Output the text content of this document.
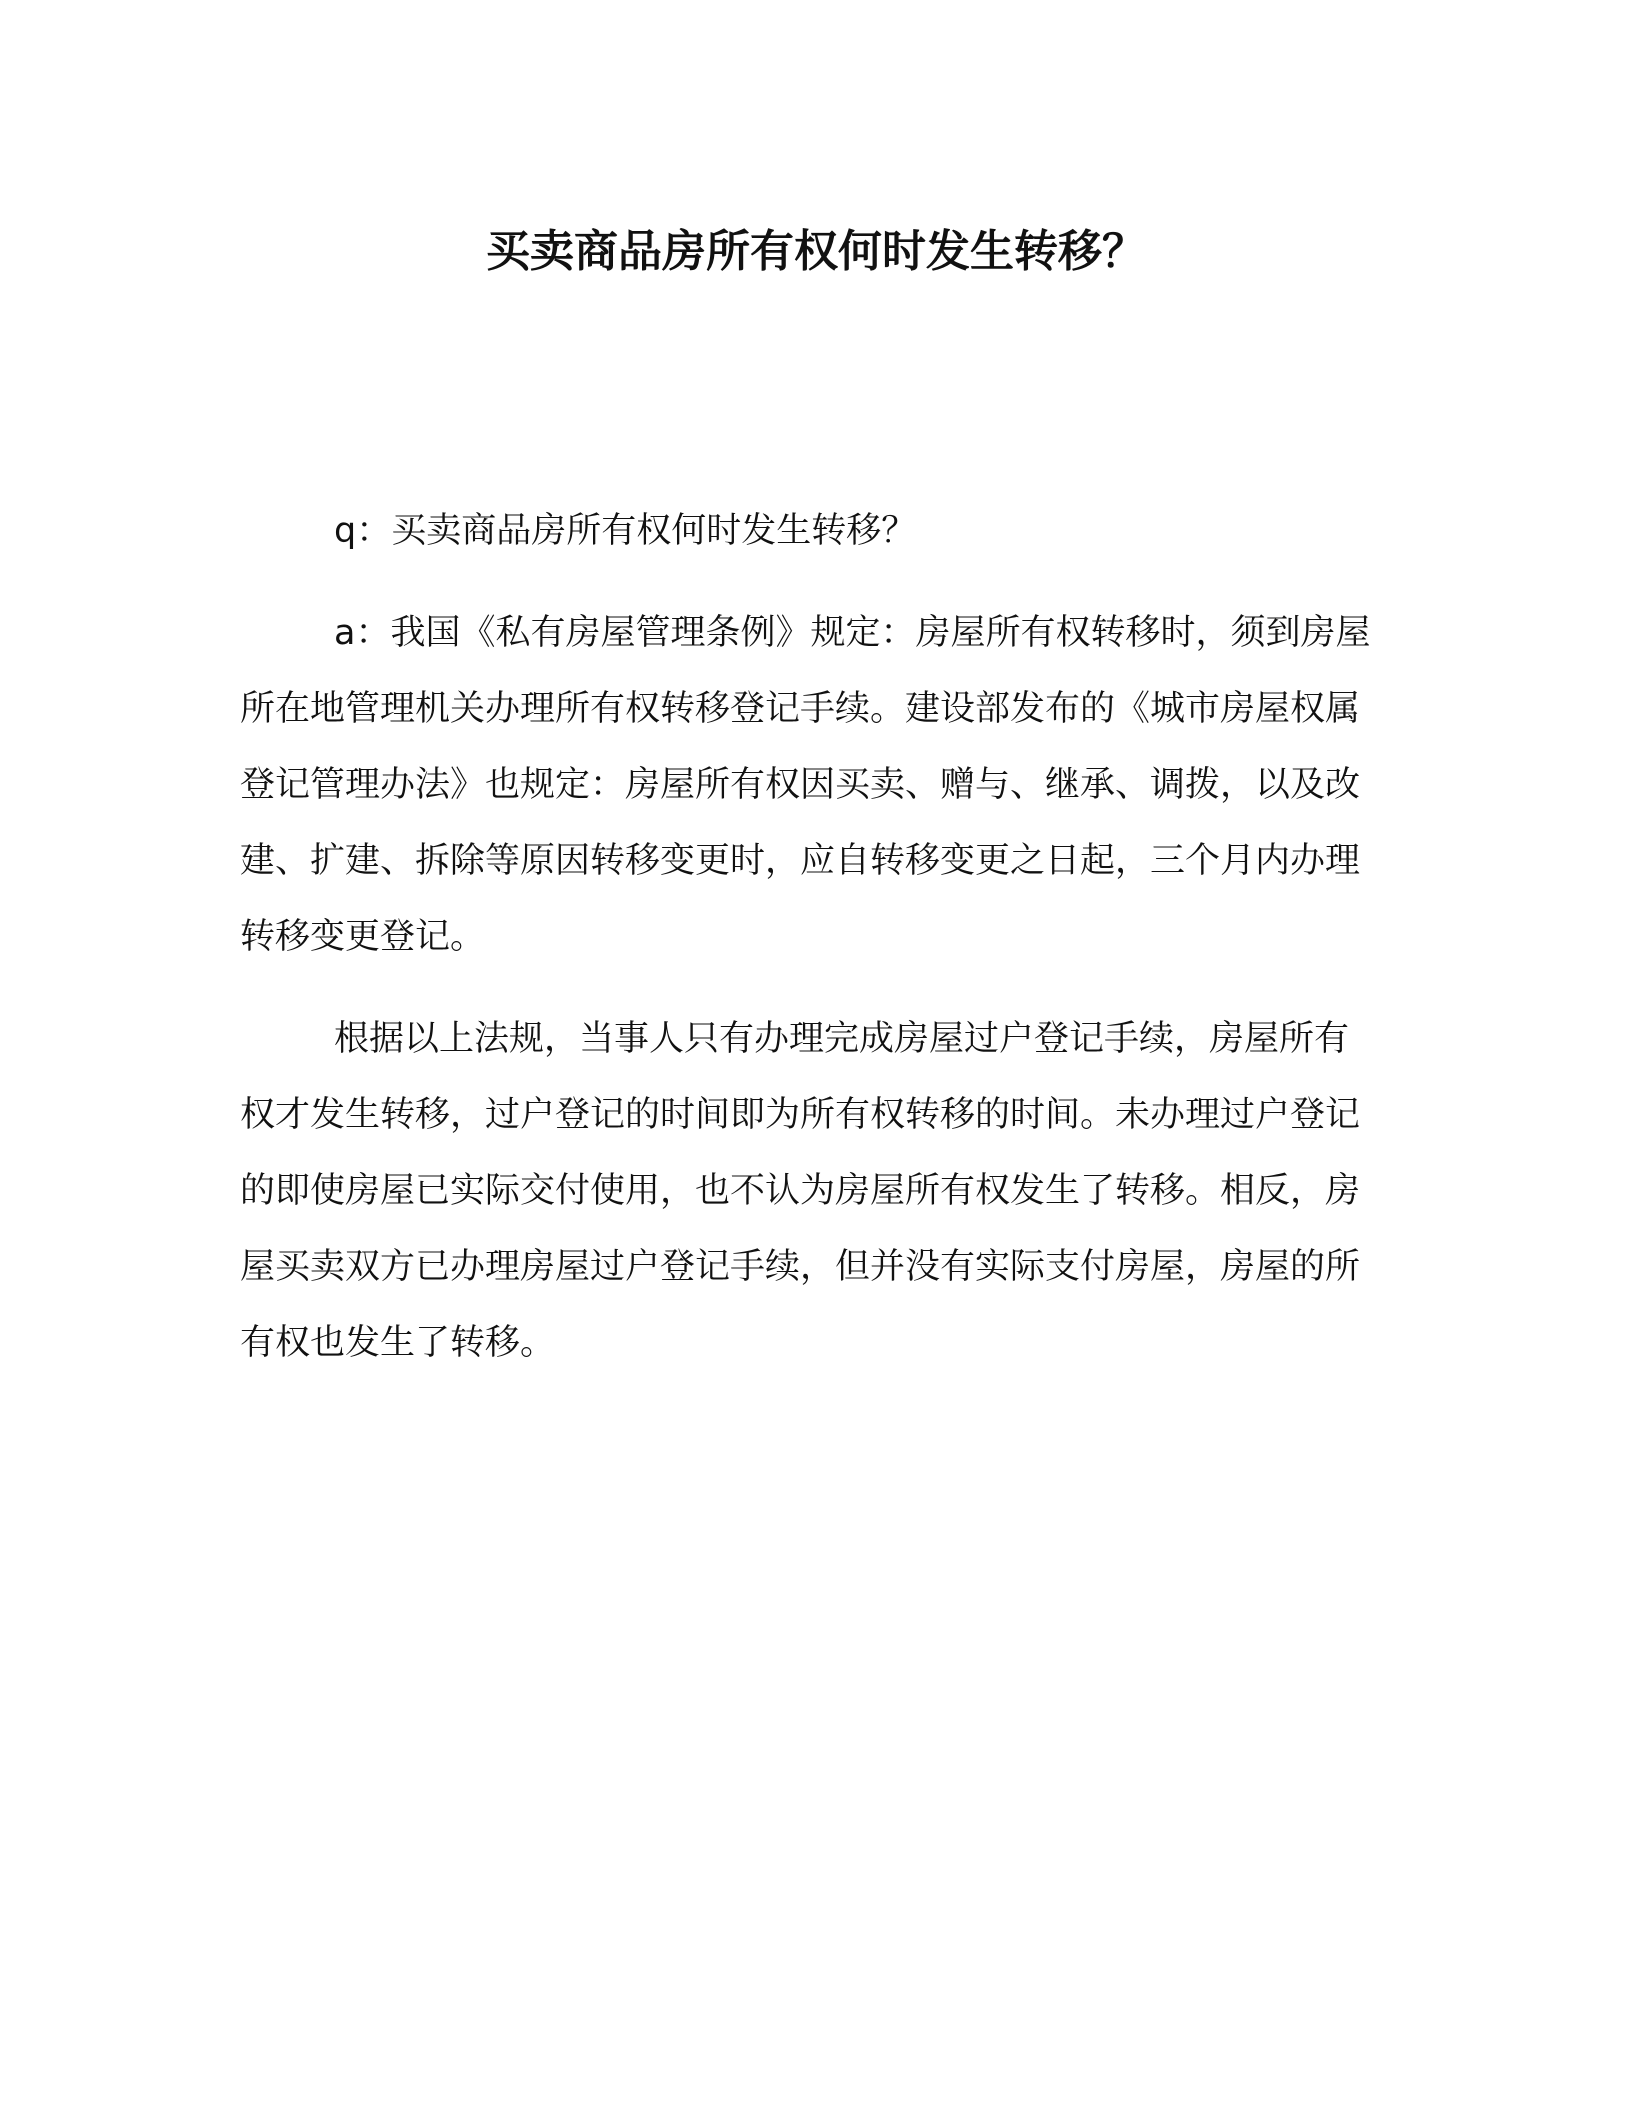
买卖商品房所有权何时发生转移？

q：买卖商品房所有权何时发生转移？

a：我国《私有房屋管理条例》规定：房屋所有权转移时，须到房屋所在地管理机关办理所有权转移登记手续。建设部发布的《城市房屋权属登记管理办法》也规定：房屋所有权因买卖、赠与、继承、调拨，以及改建、扩建、拆除等原因转移变更时，应自转移变更之日起，三个月内办理转移变更登记。

根据以上法规，当事人只有办理完成房屋过户登记手续，房屋所有权才发生转移，过户登记的时间即为所有权转移的时间。未办理过户登记的即使房屋已实际交付使用，也不认为房屋所有权发生了转移。相反，房屋买卖双方已办理房屋过户登记手续，但并没有实际支付房屋，房屋的所有权也发生了转移。
